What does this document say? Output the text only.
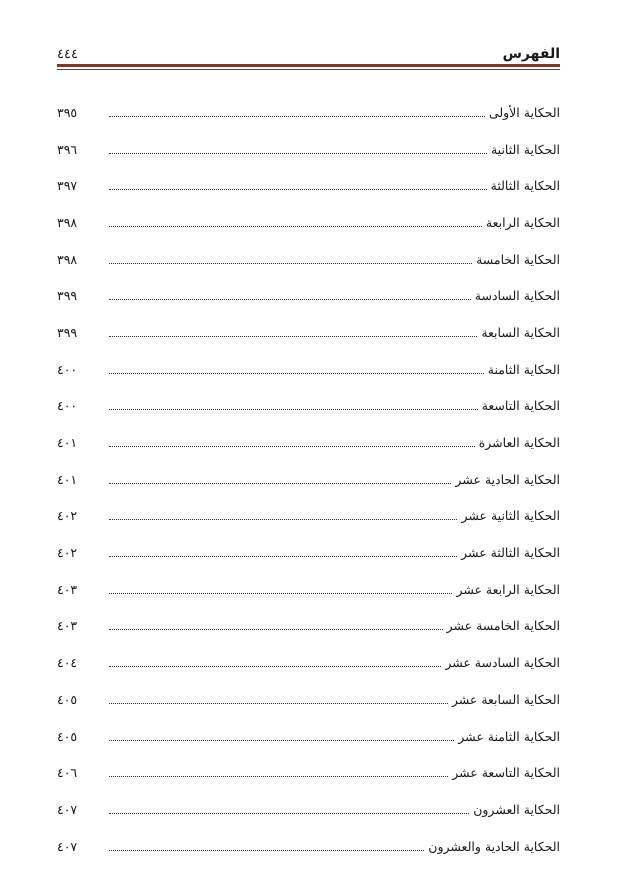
الفهرس
٤٤٤
الحكاية الأولى
٣٩٥
الحكاية الثانية
٣٩٦
الحكاية الثالثة
٣٩٧
الحكاية الرابعة
٣٩٨
الحكاية الخامسة
٣٩٨
الحكاية السادسة
٣٩٩
الحكاية السابعة
٣٩٩
الحكاية الثامنة
٤٠٠
الحكاية التاسعة
٤٠٠
الحكاية العاشرة
٤٠١
الحكاية الحادية عشر
٤٠١
الحكاية الثانية عشر
٤٠٢
الحكاية الثالثة عشر
٤٠٢
الحكاية الرابعة عشر
٤٠٣
الحكاية الخامسة عشر
٤٠٣
الحكاية السادسة عشر
٤٠٤
الحكاية السابعة عشر
٤٠٥
الحكاية الثامنة عشر
٤٠٥
الحكاية التاسعة عشر
٤٠٦
الحكاية العشرون
٤٠٧
الحكاية الحادية والعشرون
٤٠٧
